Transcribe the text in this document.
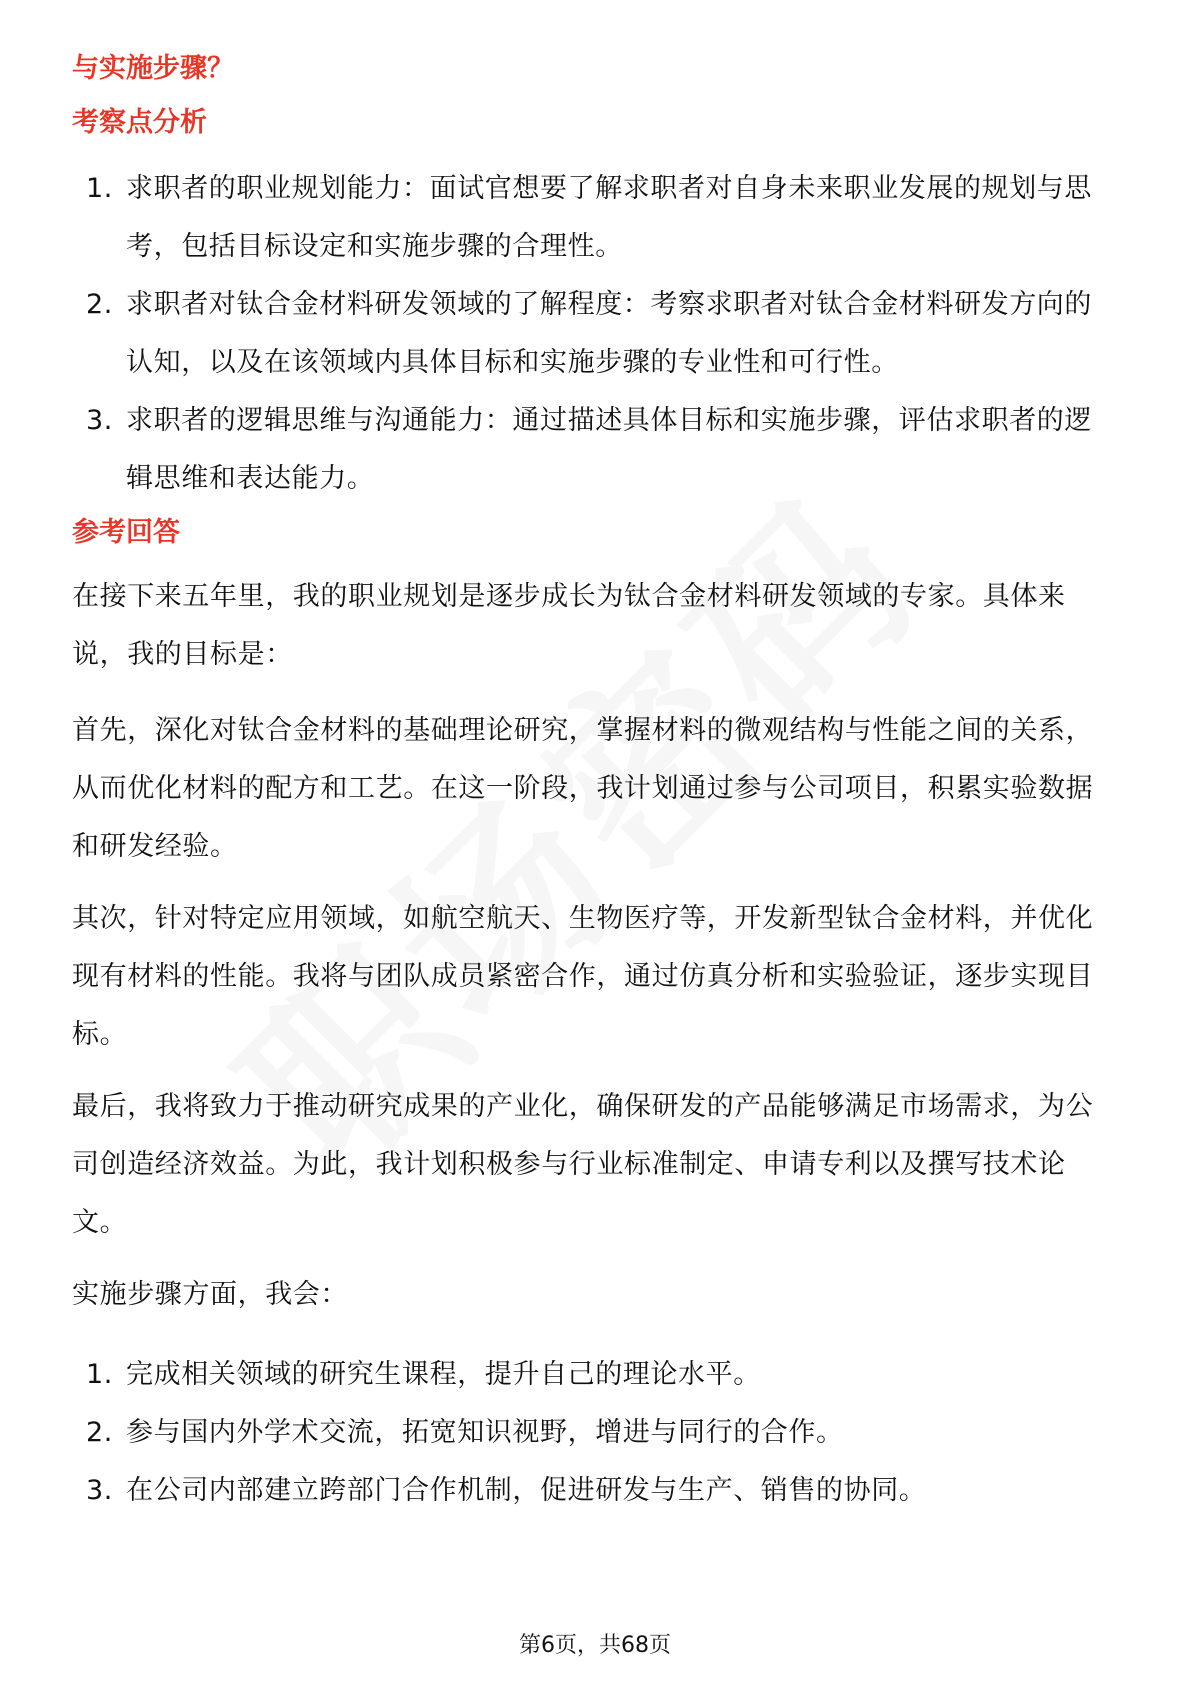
与实施步骤？
考察点分析
1. 求职者的职业规划能力：面试官想要了解求职者对自身未来职业发展的规划与思考，包括目标设定和实施步骤的合理性。
2. 求职者对钛合金材料研发领域的了解程度：考察求职者对钛合金材料研发方向的认知，以及在该领域内具体目标和实施步骤的专业性和可行性。
3. 求职者的逻辑思维与沟通能力：通过描述具体目标和实施步骤，评估求职者的逻辑思维和表达能力。
参考回答

在接下来五年里，我的职业规划是逐步成长为钛合金材料研发领域的专家。具体来说，我的目标是：

首先，深化对钛合金材料的基础理论研究，掌握材料的微观结构与性能之间的关系，从而优化材料的配方和工艺。在这一阶段，我计划通过参与公司项目，积累实验数据和研发经验。

其次，针对特定应用领域，如航空航天、生物医疗等，开发新型钛合金材料，并优化现有材料的性能。我将与团队成员紧密合作，通过仿真分析和实验验证，逐步实现目标。

最后，我将致力于推动研究成果的产业化，确保研发的产品能够满足市场需求，为公司创造经济效益。为此，我计划积极参与行业标准制定、申请专利以及撰写技术论文。

实施步骤方面，我会：

1. 完成相关领域的研究生课程，提升自己的理论水平。
2. 参与国内外学术交流，拓宽知识视野，增进与同行的合作。
3. 在公司内部建立跨部门合作机制，促进研发与生产、销售的协同。
第6页，共68页
